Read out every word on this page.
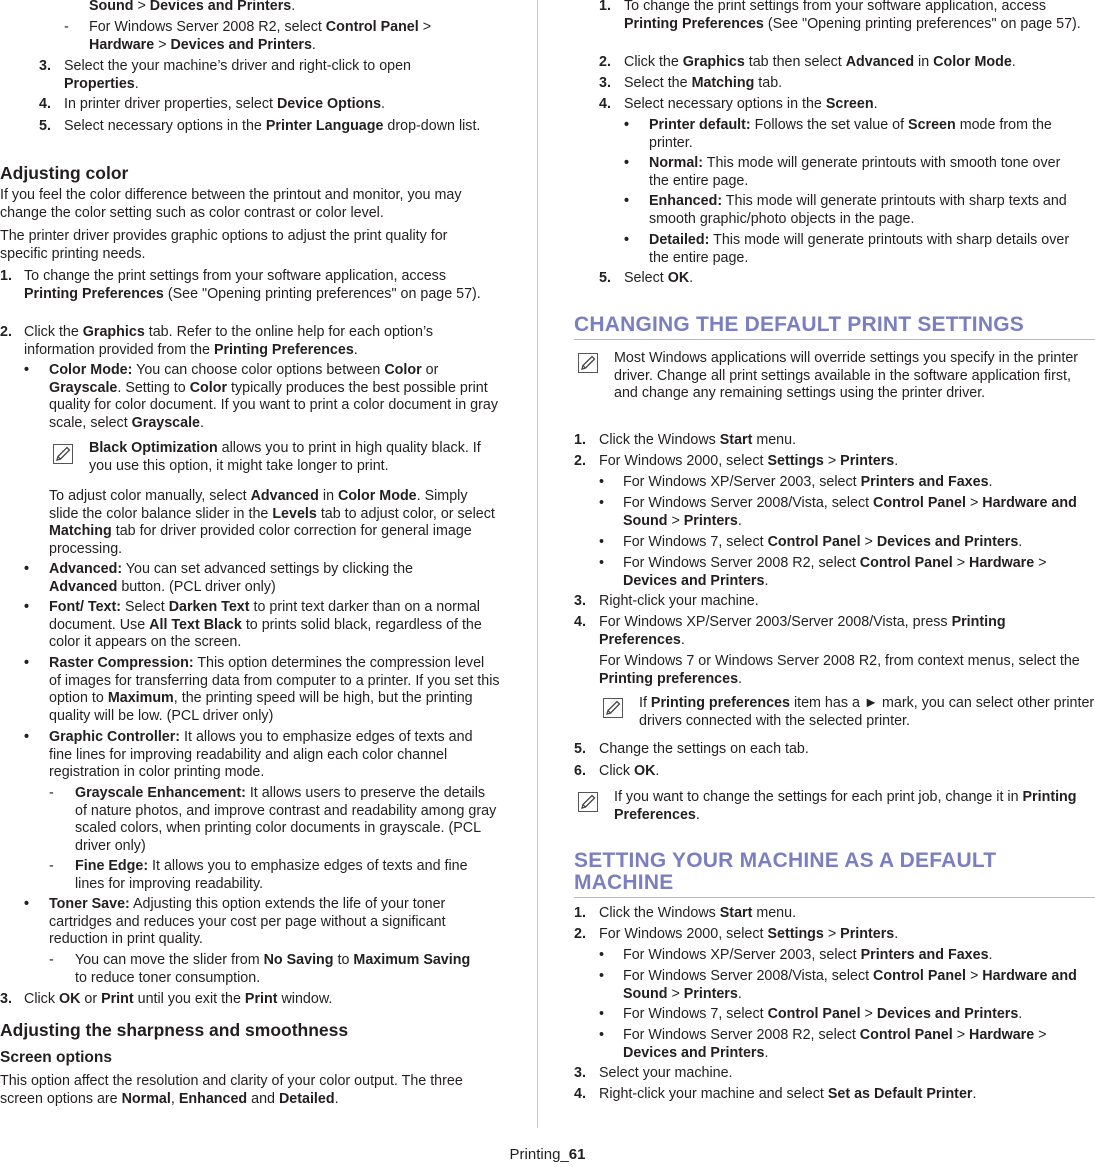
Sound > Devices and Printers.
- For Windows Server 2008 R2, select Control Panel > Hardware > Devices and Printers.
3. Select the your machine’s driver and right-click to open Properties.
4. In printer driver properties, select Device Options.
5. Select necessary options in the Printer Language drop-down list.
Adjusting color
If you feel the color difference between the printout and monitor, you may change the color setting such as color contrast or color level.
The printer driver provides graphic options to adjust the print quality for specific printing needs.
1. To change the print settings from your software application, access Printing Preferences (See "Opening printing preferences" on page 57).
2. Click the Graphics tab. Refer to the online help for each option’s information provided from the Printing Preferences.
• Color Mode: You can choose color options between Color or Grayscale. Setting to Color typically produces the best possible print quality for color document. If you want to print a color document in gray scale, select Grayscale.
Black Optimization allows you to print in high quality black. If you use this option, it might take longer to print.
To adjust color manually, select Advanced in Color Mode. Simply slide the color balance slider in the Levels tab to adjust color, or select Matching tab for driver provided color correction for general image processing.
• Advanced: You can set advanced settings by clicking the Advanced button. (PCL driver only)
• Font/ Text: Select Darken Text to print text darker than on a normal document. Use All Text Black to prints solid black, regardless of the color it appears on the screen.
• Raster Compression: This option determines the compression level of images for transferring data from computer to a printer. If you set this option to Maximum, the printing speed will be high, but the printing quality will be low. (PCL driver only)
• Graphic Controller: It allows you to emphasize edges of texts and fine lines for improving readability and align each color channel registration in color printing mode.
- Grayscale Enhancement: It allows users to preserve the details of nature photos, and improve contrast and readability among gray scaled colors, when printing color documents in grayscale. (PCL driver only)
- Fine Edge: It allows you to emphasize edges of texts and fine lines for improving readability.
• Toner Save: Adjusting this option extends the life of your toner cartridges and reduces your cost per page without a significant reduction in print quality.
- You can move the slider from No Saving to Maximum Saving to reduce toner consumption.
3. Click OK or Print until you exit the Print window.
Adjusting the sharpness and smoothness
Screen options
This option affect the resolution and clarity of your color output. The three screen options are Normal, Enhanced and Detailed.
1. To change the print settings from your software application, access Printing Preferences (See "Opening printing preferences" on page 57).
2. Click the Graphics tab then select Advanced in Color Mode.
3. Select the Matching tab.
4. Select necessary options in the Screen.
• Printer default: Follows the set value of Screen mode from the printer.
• Normal: This mode will generate printouts with smooth tone over the entire page.
• Enhanced: This mode will generate printouts with sharp texts and smooth graphic/photo objects in the page.
• Detailed: This mode will generate printouts with sharp details over the entire page.
5. Select OK.
CHANGING THE DEFAULT PRINT SETTINGS
Most Windows applications will override settings you specify in the printer driver. Change all print settings available in the software application first, and change any remaining settings using the printer driver.
1. Click the Windows Start menu.
2. For Windows 2000, select Settings > Printers.
• For Windows XP/Server 2003, select Printers and Faxes.
• For Windows Server 2008/Vista, select Control Panel > Hardware and Sound > Printers.
• For Windows 7, select Control Panel > Devices and Printers.
• For Windows Server 2008 R2, select Control Panel > Hardware > Devices and Printers.
3. Right-click your machine.
4. For Windows XP/Server 2003/Server 2008/Vista, press Printing Preferences.
For Windows 7 or Windows Server 2008 R2, from context menus, select the Printing preferences.
If Printing preferences item has a ► mark, you can select other printer drivers connected with the selected printer.
5. Change the settings on each tab.
6. Click OK.
If you want to change the settings for each print job, change it in Printing Preferences.
SETTING YOUR MACHINE AS A DEFAULT MACHINE
1. Click the Windows Start menu.
2. For Windows 2000, select Settings > Printers.
• For Windows XP/Server 2003, select Printers and Faxes.
• For Windows Server 2008/Vista, select Control Panel > Hardware and Sound > Printers.
• For Windows 7, select Control Panel > Devices and Printers.
• For Windows Server 2008 R2, select Control Panel > Hardware > Devices and Printers.
3. Select your machine.
4. Right-click your machine and select Set as Default Printer.
Printing_61
